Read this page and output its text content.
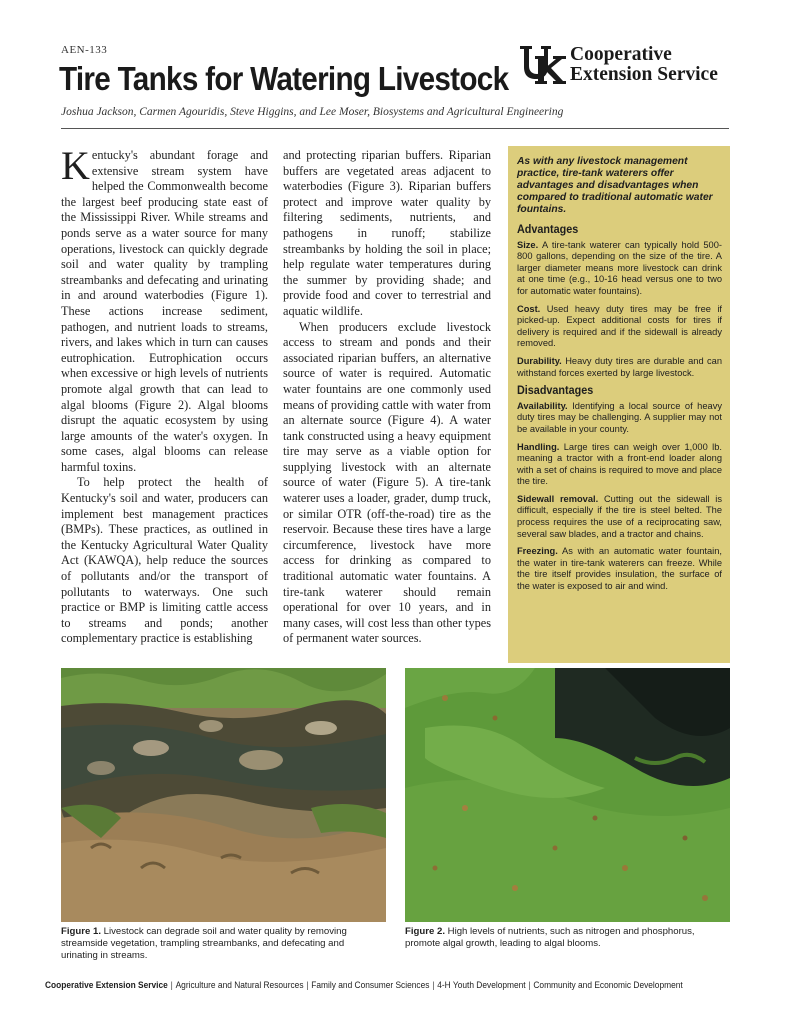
AEN-133
Tire Tanks for Watering Livestock
Joshua Jackson, Carmen Agouridis, Steve Higgins, and Lee Moser, Biosystems and Agricultural Engineering
Cooperative
Extension Service

Kentucky's abundant forage and extensive stream system have helped the Commonwealth become the largest beef producing state east of the Mississippi River. While streams and ponds serve as a water source for many operations, livestock can quickly degrade soil and water quality by trampling streambanks and defecating and urinating in and around waterbodies (Figure 1). These actions increase sediment, pathogen, and nutrient loads to streams, rivers, and lakes which in turn can causes eutrophication. Eutrophication occurs when excessive or high levels of nutrients promote algal growth that can lead to algal blooms (Figure 2). Algal blooms disrupt the aquatic ecosystem by using large amounts of the water's oxygen. In some cases, algal blooms can release harmful toxins.

To help protect the health of Kentucky's soil and water, producers can implement best management practices (BMPs). These practices, as outlined in the Kentucky Agricultural Water Quality Act (KAWQA), help reduce the sources of pollutants and/or the transport of pollutants to waterways. One such practice or BMP is limiting cattle access to streams and ponds; another complementary practice is establishing

and protecting riparian buffers. Riparian buffers are vegetated areas adjacent to waterbodies (Figure 3). Riparian buffers protect and improve water quality by filtering sediments, nutrients, and pathogens in runoff; stabilize streambanks by holding the soil in place; help regulate water temperatures during the summer by providing shade; and provide food and cover to terrestrial and aquatic wildlife.

When producers exclude livestock access to stream and ponds and their associated riparian buffers, an alternative source of water is required. Automatic water fountains are one commonly used means of providing cattle with water from an alternate source (Figure 4). A water tank constructed using a heavy equipment tire may serve as a viable option for supplying livestock with an alternate source of water (Figure 5). A tire-tank waterer uses a loader, grader, dump truck, or similar OTR (off-the-road) tire as the reservoir. Because these tires have a large circumference, livestock have more access for drinking as compared to traditional automatic water fountains. A tire-tank waterer should remain operational for over 10 years, and in many cases, will cost less than other types of permanent water sources.

As with any livestock management practice, tire-tank waterers offer advantages and disadvantages when compared to traditional automatic water fountains.
Advantages
Size. A tire-tank waterer can typically hold 500-800 gallons, depending on the size of the tire. A larger diameter means more livestock can drink at one time (e.g., 10-16 head versus one to two for automatic water fountains).
Cost. Used heavy duty tires may be free if picked-up. Expect additional costs for tires if delivery is required and if the sidewall is already removed.
Durability. Heavy duty tires are durable and can withstand forces exerted by large livestock.
Disadvantages
Availability. Identifying a local source of heavy duty tires may be challenging. A supplier may not be available in your county.
Handling. Large tires can weigh over 1,000 lb. meaning a tractor with a front-end loader along with a set of chains is required to move and place the tire.
Sidewall removal. Cutting out the sidewall is difficult, especially if the tire is steel belted. The process requires the use of a reciprocating saw, several saw blades, and a tractor and chains.
Freezing. As with an automatic water fountain, the water in tire-tank waterers can freeze. While the tire itself provides insulation, the surface of the water is exposed to air and wind.
Figure 1. Livestock can degrade soil and water quality by removing streamside vegetation, trampling streambanks, and defecating and urinating in streams.
Figure 2. High levels of nutrients, such as nitrogen and phosphorus, promote algal growth, leading to algal blooms.
Cooperative Extension Service | Agriculture and Natural Resources | Family and Consumer Sciences | 4-H Youth Development | Community and Economic Development
